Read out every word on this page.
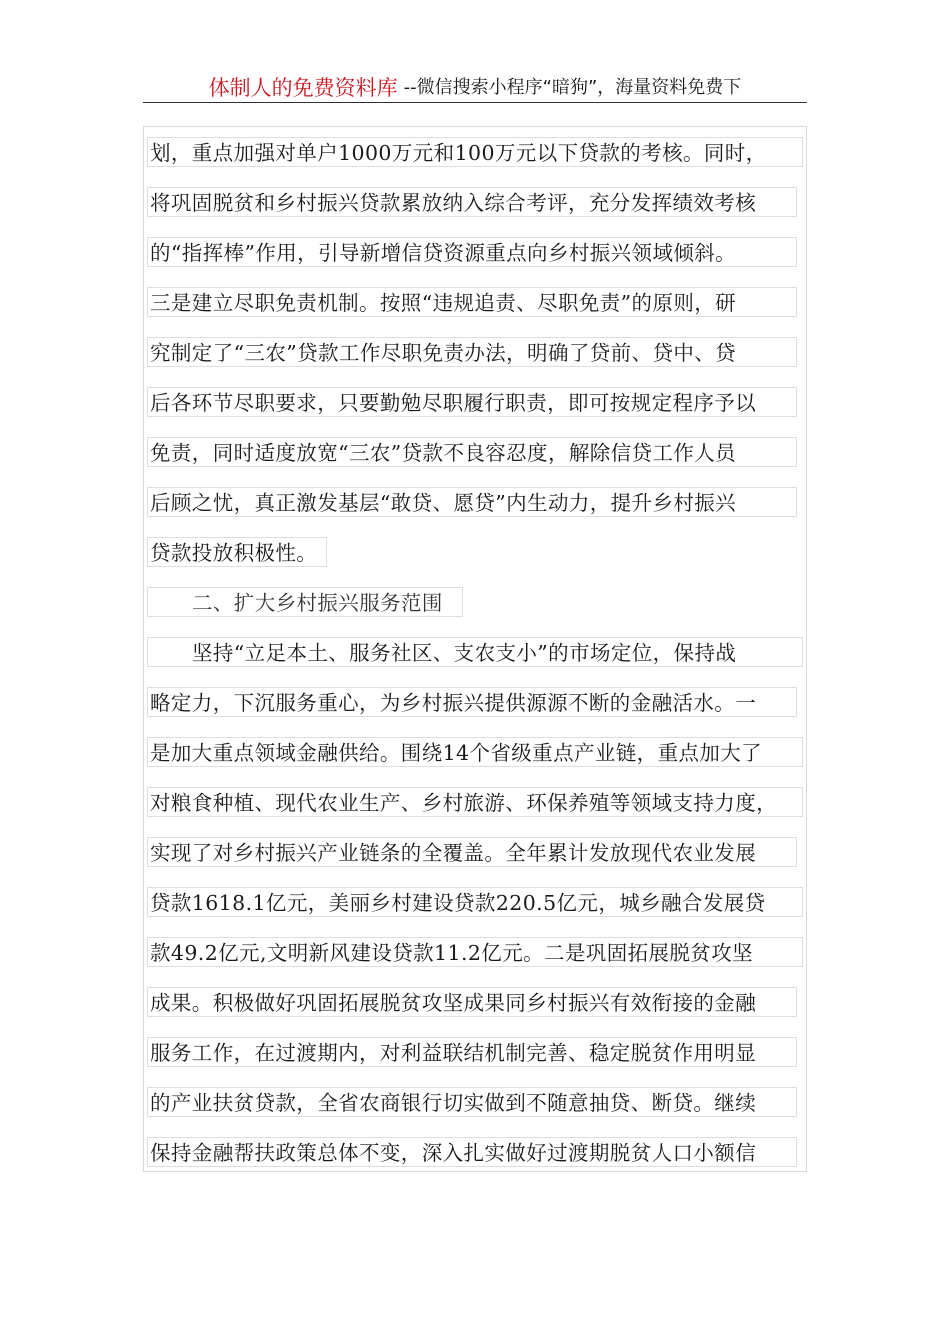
体制人的免费资料库 --微信搜索小程序“暗狗”，海量资料免费下
划，重点加强对单户1000万元和100万元以下贷款的考核。同时，
将巩固脱贫和乡村振兴贷款累放纳入综合考评，充分发挥绩效考核
的“指挥棒”作用，引导新增信贷资源重点向乡村振兴领域倾斜。
三是建立尽职免责机制。按照“违规追责、尽职免责”的原则，研
究制定了“三农”贷款工作尽职免责办法，明确了贷前、贷中、贷
后各环节尽职要求，只要勤勉尽职履行职责，即可按规定程序予以
免责，同时适度放宽“三农”贷款不良容忍度，解除信贷工作人员
后顾之忧，真正激发基层“敢贷、愿贷”内生动力，提升乡村振兴
贷款投放积极性。
二、扩大乡村振兴服务范围
坚持“立足本土、服务社区、支农支小”的市场定位，保持战
略定力，下沉服务重心，为乡村振兴提供源源不断的金融活水。一
是加大重点领域金融供给。围绕14个省级重点产业链，重点加大了
对粮食种植、现代农业生产、乡村旅游、环保养殖等领域支持力度，
实现了对乡村振兴产业链条的全覆盖。全年累计发放现代农业发展
贷款1618.1亿元，美丽乡村建设贷款220.5亿元，城乡融合发展贷
款49.2亿元,文明新风建设贷款11.2亿元。二是巩固拓展脱贫攻坚
成果。积极做好巩固拓展脱贫攻坚成果同乡村振兴有效衔接的金融
服务工作，在过渡期内，对利益联结机制完善、稳定脱贫作用明显
的产业扶贫贷款，全省农商银行切实做到不随意抽贷、断贷。继续
保持金融帮扶政策总体不变，深入扎实做好过渡期脱贫人口小额信
